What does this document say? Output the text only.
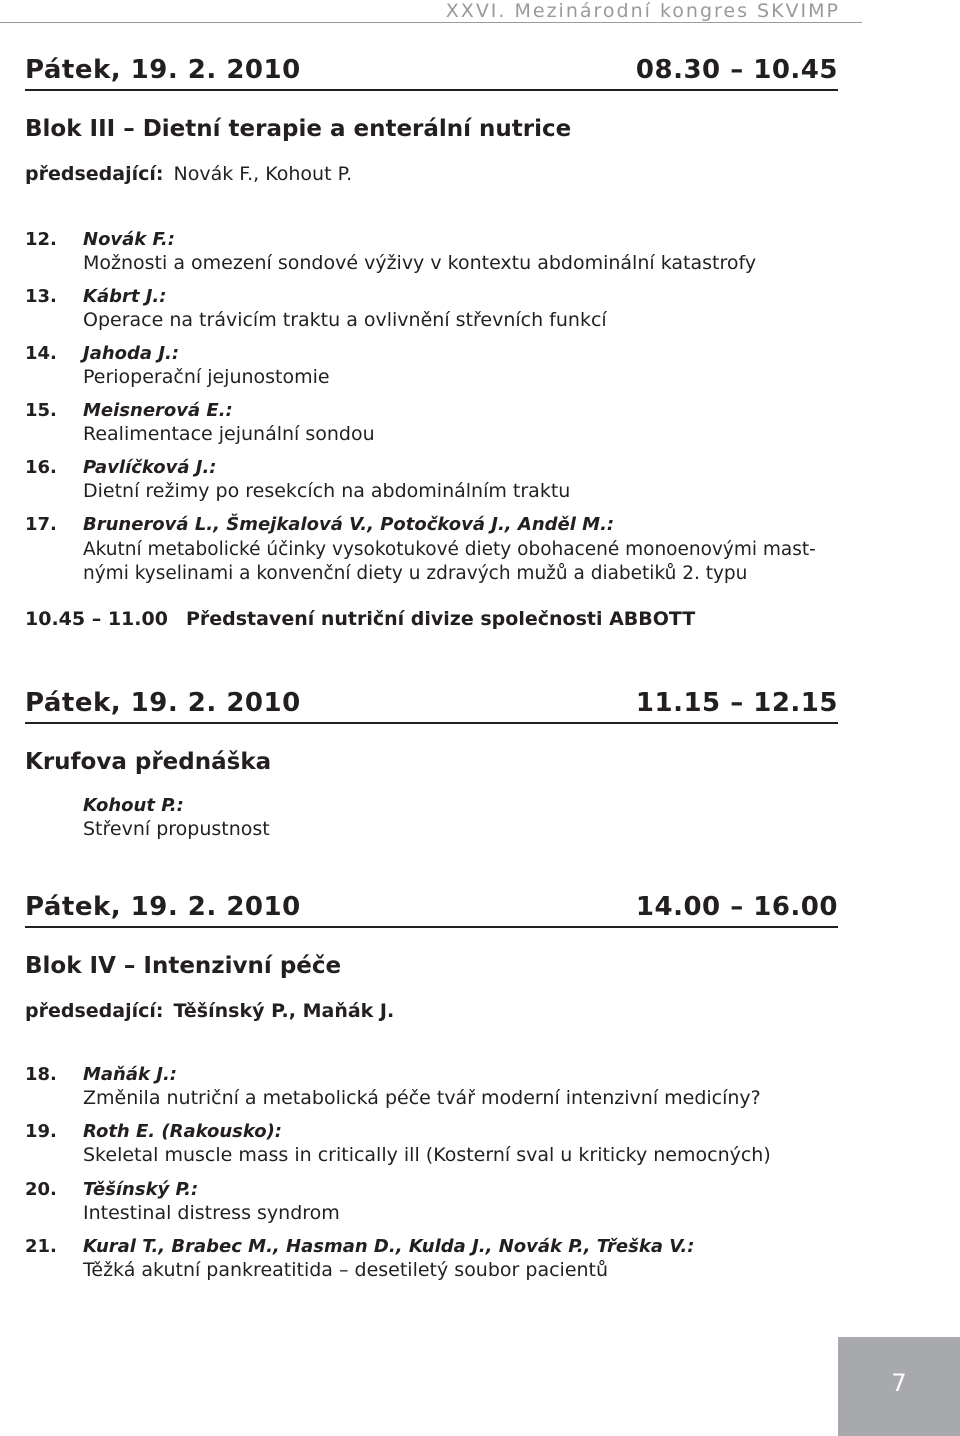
XXVI. Mezinárodní kongres SKVIMP
Pátek, 19. 2. 2010	08.30 – 10.45
Blok III – Dietní terapie a enterální nutrice
předsedající: Novák F., Kohout P.
12. Novák F.:
Možnosti a omezení sondové výživy v kontextu abdominální katastrofy
13. Kábrt J.:
Operace na trávicím traktu a ovlivnění střevních funkcí
14. Jahoda J.:
Perioperační jejunostomie
15. Meisnerová E.:
Realimentace jejunální sondou
16. Pavlíčková J.:
Dietní režimy po resekcích na abdominálním traktu
17. Brunerová L., Šmejkalová V., Potočková J., Anděl M.:
Akutní metabolické účinky vysokotukové diety obohacené monoenovými mast-
nými kyselinami a konvenční diety u zdravých mužů a diabetiků 2. typu
10.45 – 11.00 Představení nutriční divize společnosti ABBOTT
Pátek, 19. 2. 2010	11.15 – 12.15
Krufova přednáška
Kohout P.:
Střevní propustnost
Pátek, 19. 2. 2010	14.00 – 16.00
Blok IV – Intenzivní péče
předsedající: Těšínský P., Maňák J.
18. Maňák J.:
Změnila nutriční a metabolická péče tvář moderní intenzivní medicíny?
19. Roth E. (Rakousko):
Skeletal muscle mass in critically ill (Kosterní sval u kriticky nemocných)
20. Těšínský P.:
Intestinal distress syndrom
21. Kural T., Brabec M., Hasman D., Kulda J., Novák P., Třeška V.:
Těžká akutní pankreatitida – desetiletý soubor pacientů
7
